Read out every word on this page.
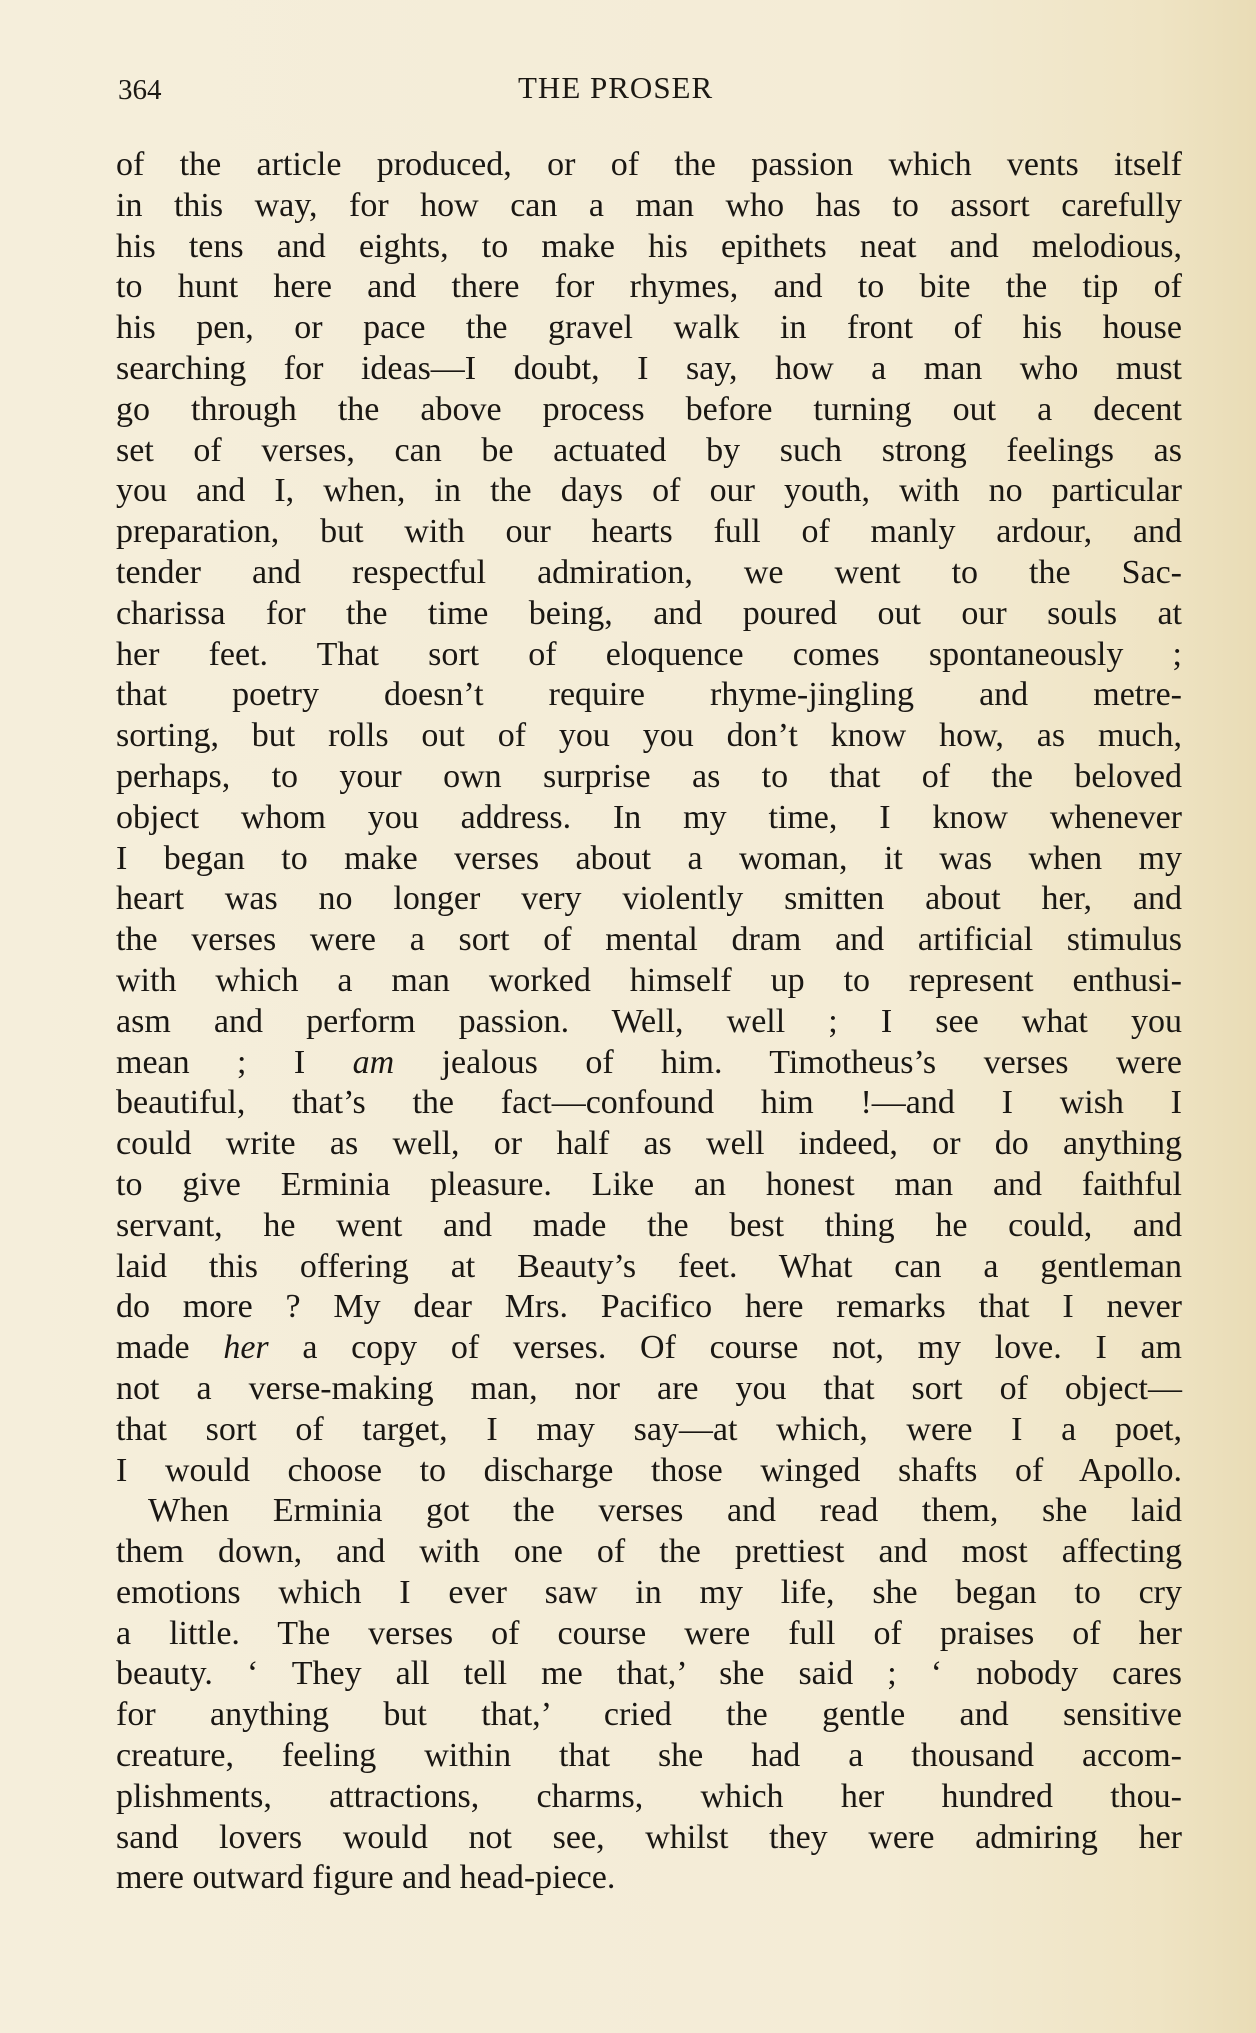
364	THE PROSER
of the article produced, or of the passion which vents itself
in this way, for how can a man who has to assort carefully
his tens and eights, to make his epithets neat and melodious,
to hunt here and there for rhymes, and to bite the tip of
his pen, or pace the gravel walk in front of his house
searching for ideas—I doubt, I say, how a man who must
go through the above process before turning out a decent
set of verses, can be actuated by such strong feelings as
you and I, when, in the days of our youth, with no particular
preparation, but with our hearts full of manly ardour, and
tender and respectful admiration, we went to the Sac-
charissa for the time being, and poured out our souls at
her feet. That sort of eloquence comes spontaneously ;
that poetry doesn’t require rhyme-jingling and metre-
sorting, but rolls out of you you don’t know how, as much,
perhaps, to your own surprise as to that of the beloved
object whom you address. In my time, I know whenever
I began to make verses about a woman, it was when my
heart was no longer very violently smitten about her, and
the verses were a sort of mental dram and artificial stimulus
with which a man worked himself up to represent enthusi-
asm and perform passion. Well, well ; I see what you
mean ; I am jealous of him. Timotheus’s verses were
beautiful, that’s the fact—confound him !—and I wish I
could write as well, or half as well indeed, or do anything
to give Erminia pleasure. Like an honest man and faithful
servant, he went and made the best thing he could, and
laid this offering at Beauty’s feet. What can a gentleman
do more ? My dear Mrs. Pacifico here remarks that I never
made her a copy of verses. Of course not, my love. I am
not a verse-making man, nor are you that sort of object—
that sort of target, I may say—at which, were I a poet,
I would choose to discharge those winged shafts of Apollo.
When Erminia got the verses and read them, she laid
them down, and with one of the prettiest and most affecting
emotions which I ever saw in my life, she began to cry
a little. The verses of course were full of praises of her
beauty. ‘ They all tell me that,’ she said ; ‘ nobody cares
for anything but that,’ cried the gentle and sensitive
creature, feeling within that she had a thousand accom-
plishments, attractions, charms, which her hundred thou-
sand lovers would not see, whilst they were admiring her
mere outward figure and head-piece.
